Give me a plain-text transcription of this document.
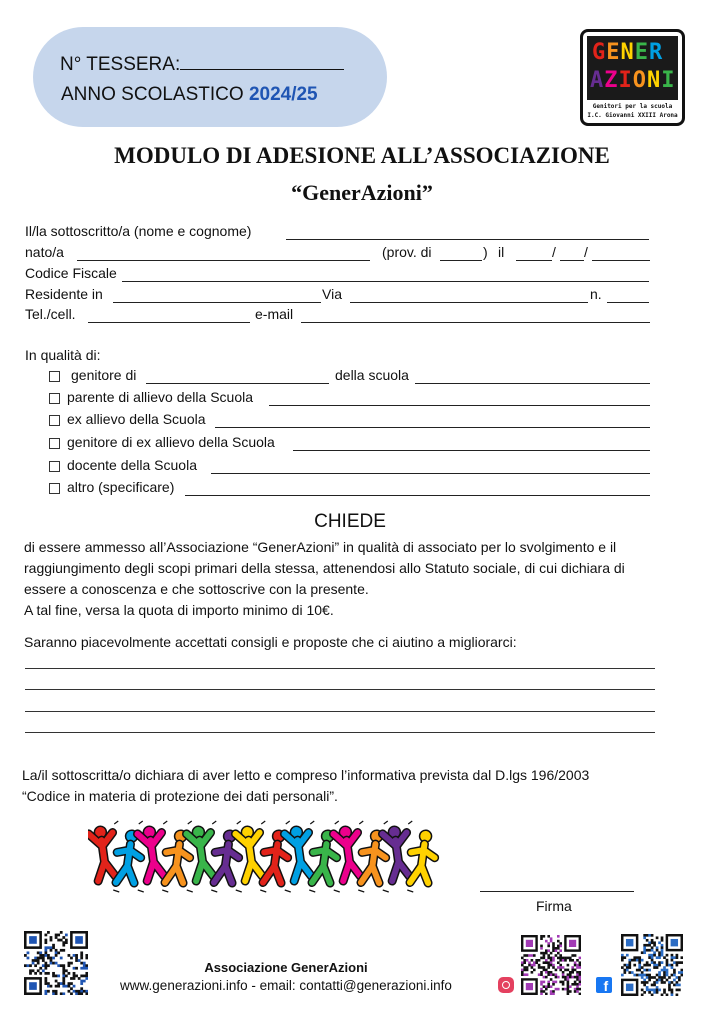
N° TESSERA:
ANNO SCOLASTICO 2024/25
GENER
AZIONI
Genitori per la scuola
I.C. Giovanni XXIII Arona
MODULO DI ADESIONE ALL’ASSOCIAZIONE
“GenerAzioni”
Il/la sottoscritto/a (nome e cognome)
nato/a	(prov. di	) il	/ /
Codice Fiscale
Residente in	Via	n.
Tel./cell.	e-mail
In qualità di:
genitore di	della scuola
parente di allievo della Scuola
ex allievo della Scuola
genitore di ex allievo della Scuola
docente della Scuola
altro (specificare)
CHIEDE
di essere ammesso all’Associazione “GenerAzioni” in qualità di associato per lo svolgimento e il
raggiungimento degli scopi primari della stessa, attenendosi allo Statuto sociale, di cui dichiara di
essere a conoscenza e che sottoscrive con la presente.
A tal fine, versa la quota di importo minimo di 10€.
Saranno piacevolmente accettati consigli e proposte che ci aiutino a migliorarci:
La/il sottoscritta/o dichiara di aver letto e compreso l’informativa prevista dal D.lgs 196/2003
“Codice in materia di protezione dei dati personali”.
Firma
Associazione GenerAzioni
www.generazioni.info - email: contatti@generazioni.info	f
